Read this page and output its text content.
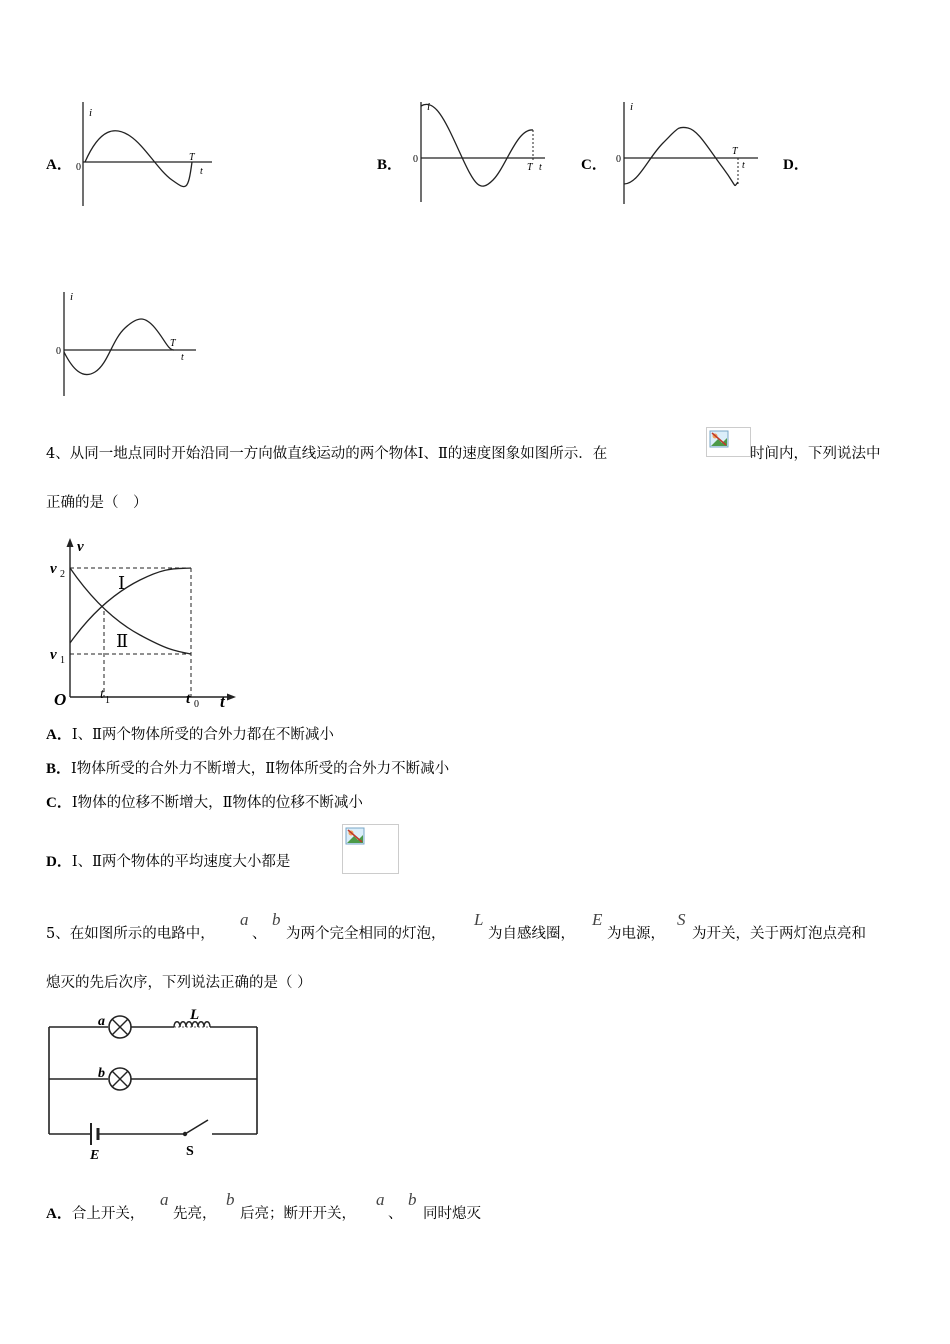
A．
i
0
T
t	B．
i
0
T t	C．
i
0
T
t	D．
i
0
T
t
4、从同一地点同时开始沿同一方向做直线运动的两个物体Ⅰ、Ⅱ的速度图象如图所示．在	时间内，下列说法中
正确的是（　）
v
v 2
v 1
O	t
t 1	t 0
Ⅰ
Ⅱ
A．Ⅰ、Ⅱ两个物体所受的合外力都在不断减小
B．Ⅰ物体所受的合外力不断增大，Ⅱ物体所受的合外力不断减小
C．Ⅰ物体的位移不断增大，Ⅱ物体的位移不断减小
D．Ⅰ、Ⅱ两个物体的平均速度大小都是
5、在如图所示的电路中，
a
、
b
为两个完全相同的灯泡，
L
为自感线圈，
E
为电源，
S
为开关，关于两灯泡点亮和
熄灭的先后次序，下列说法正确的是（ ）
a
b
L
E	S
A．合上开关，
a
先亮，
b
后亮；断开开关，
a
、
b
同时熄灭
